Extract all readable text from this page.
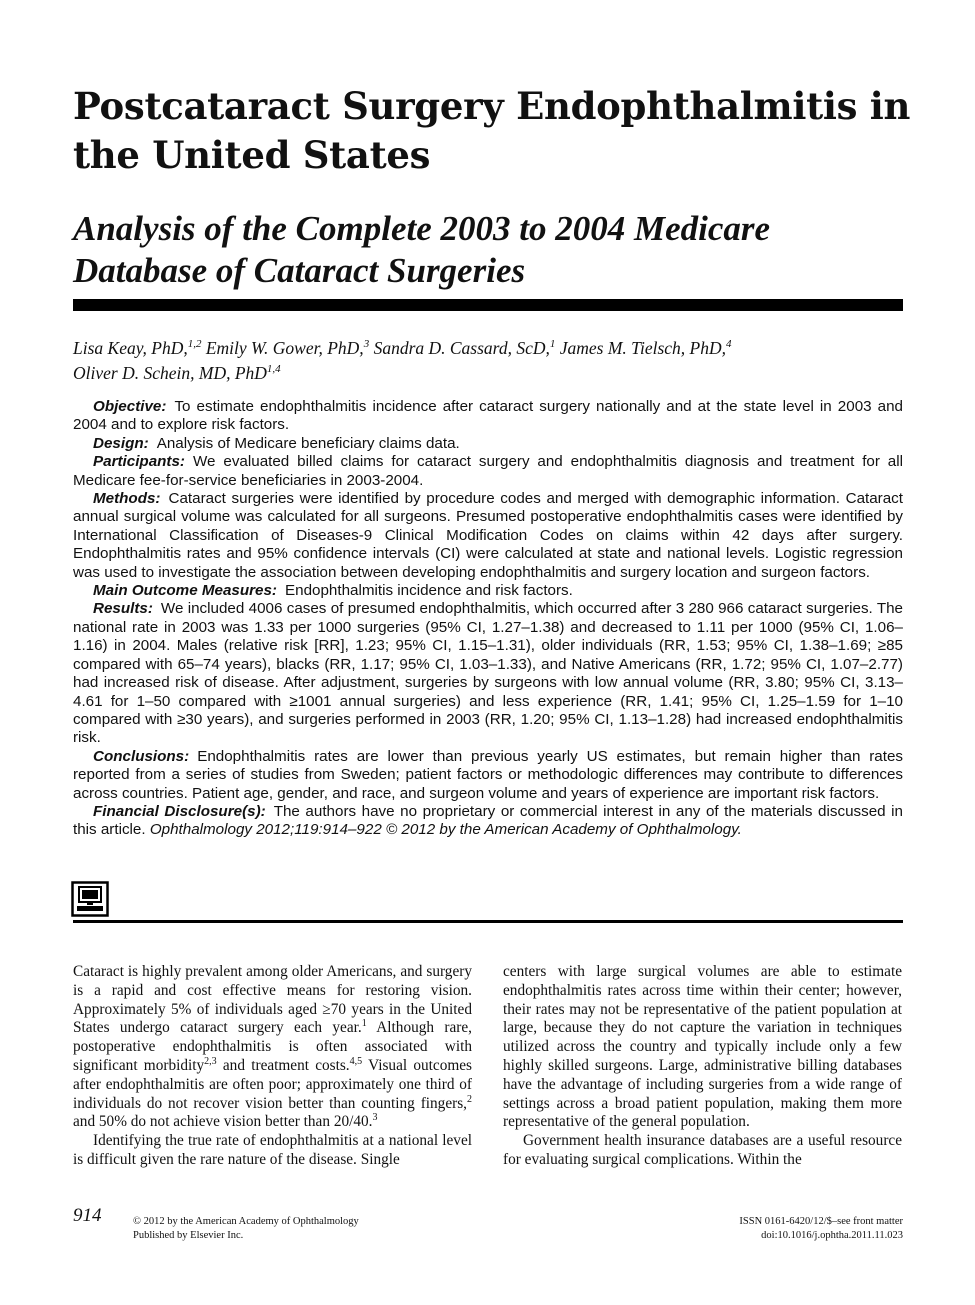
Postcataract Surgery Endophthalmitis in the United States
Analysis of the Complete 2003 to 2004 Medicare Database of Cataract Surgeries
Lisa Keay, PhD,$^{1,2}$ Emily W. Gower, PhD,$^3$ Sandra D. Cassard, ScD,$^1$ James M. Tielsch, PhD,$^4$
Oliver D. Schein, MD, PhD$^{1,4}$

Objective: To estimate endophthalmitis incidence after cataract surgery nationally and at the state level in 2003 and 2004 and to explore risk factors.

Design: Analysis of Medicare beneficiary claims data.

Participants: We evaluated billed claims for cataract surgery and endophthalmitis diagnosis and treatment for all Medicare fee-for-service beneficiaries in 2003-2004.

Methods: Cataract surgeries were identified by procedure codes and merged with demographic information. Cataract annual surgical volume was calculated for all surgeons. Presumed postoperative endophthalmitis cases were identified by International Classification of Diseases-9 Clinical Modification Codes on claims within 42 days after surgery. Endophthalmitis rates and 95% confidence intervals (CI) were calculated at state and national levels. Logistic regression was used to investigate the association between developing endophthalmitis and surgery location and surgeon factors.

Main Outcome Measures: Endophthalmitis incidence and risk factors.

Results: We included 4006 cases of presumed endophthalmitis, which occurred after 3 280 966 cataract surgeries. The national rate in 2003 was 1.33 per 1000 surgeries (95% CI, 1.27–1.38) and decreased to 1.11 per 1000 (95% CI, 1.06–1.16) in 2004. Males (relative risk [RR], 1.23; 95% CI, 1.15–1.31), older individuals (RR, 1.53; 95% CI, 1.38–1.69; ≥85 compared with 65–74 years), blacks (RR, 1.17; 95% CI, 1.03–1.33), and Native Americans (RR, 1.72; 95% CI, 1.07–2.77) had increased risk of disease. After adjustment, surgeries by surgeons with low annual volume (RR, 3.80; 95% CI, 3.13–4.61 for 1–50 compared with ≥1001 annual surgeries) and less experience (RR, 1.41; 95% CI, 1.25–1.59 for 1–10 compared with ≥30 years), and surgeries performed in 2003 (RR, 1.20; 95% CI, 1.13–1.28) had increased endophthalmitis risk.

Conclusions: Endophthalmitis rates are lower than previous yearly US estimates, but remain higher than rates reported from a series of studies from Sweden; patient factors or methodologic differences may contribute to differences across countries. Patient age, gender, and race, and surgeon volume and years of experience are important risk factors.

Financial Disclosure(s): The authors have no proprietary or commercial interest in any of the materials discussed in this article. Ophthalmology 2012;119:914–922 © 2012 by the American Academy of Ophthalmology.

Cataract is highly prevalent among older Americans, and surgery is a rapid and cost effective means for restoring vision. Approximately 5% of individuals aged ≥70 years in the United States undergo cataract surgery each year.$^1$ Although rare, postoperative endophthalmitis is often associated with significant morbidity$^{2,3}$ and treatment costs.$^{4,5}$ Visual outcomes after endophthalmitis are often poor; approximately one third of individuals do not recover vision better than counting fingers,$^2$ and 50% do not achieve vision better than 20/40.$^3$

Identifying the true rate of endophthalmitis at a national level is difficult given the rare nature of the disease. Single

centers with large surgical volumes are able to estimate endophthalmitis rates across time within their center; however, their rates may not be representative of the patient population at large, because they do not capture the variation in techniques utilized across the country and typically include only a few highly skilled surgeons. Large, administrative billing databases have the advantage of including surgeries from a wide range of settings across a broad patient population, making them more representative of the general population.

Government health insurance databases are a useful resource for evaluating surgical complications. Within the

914	© 2012 by the American Academy of Ophthalmology
Published by Elsevier Inc.
ISSN 0161-6420/12/$–see front matter
doi:10.1016/j.ophtha.2011.11.023
